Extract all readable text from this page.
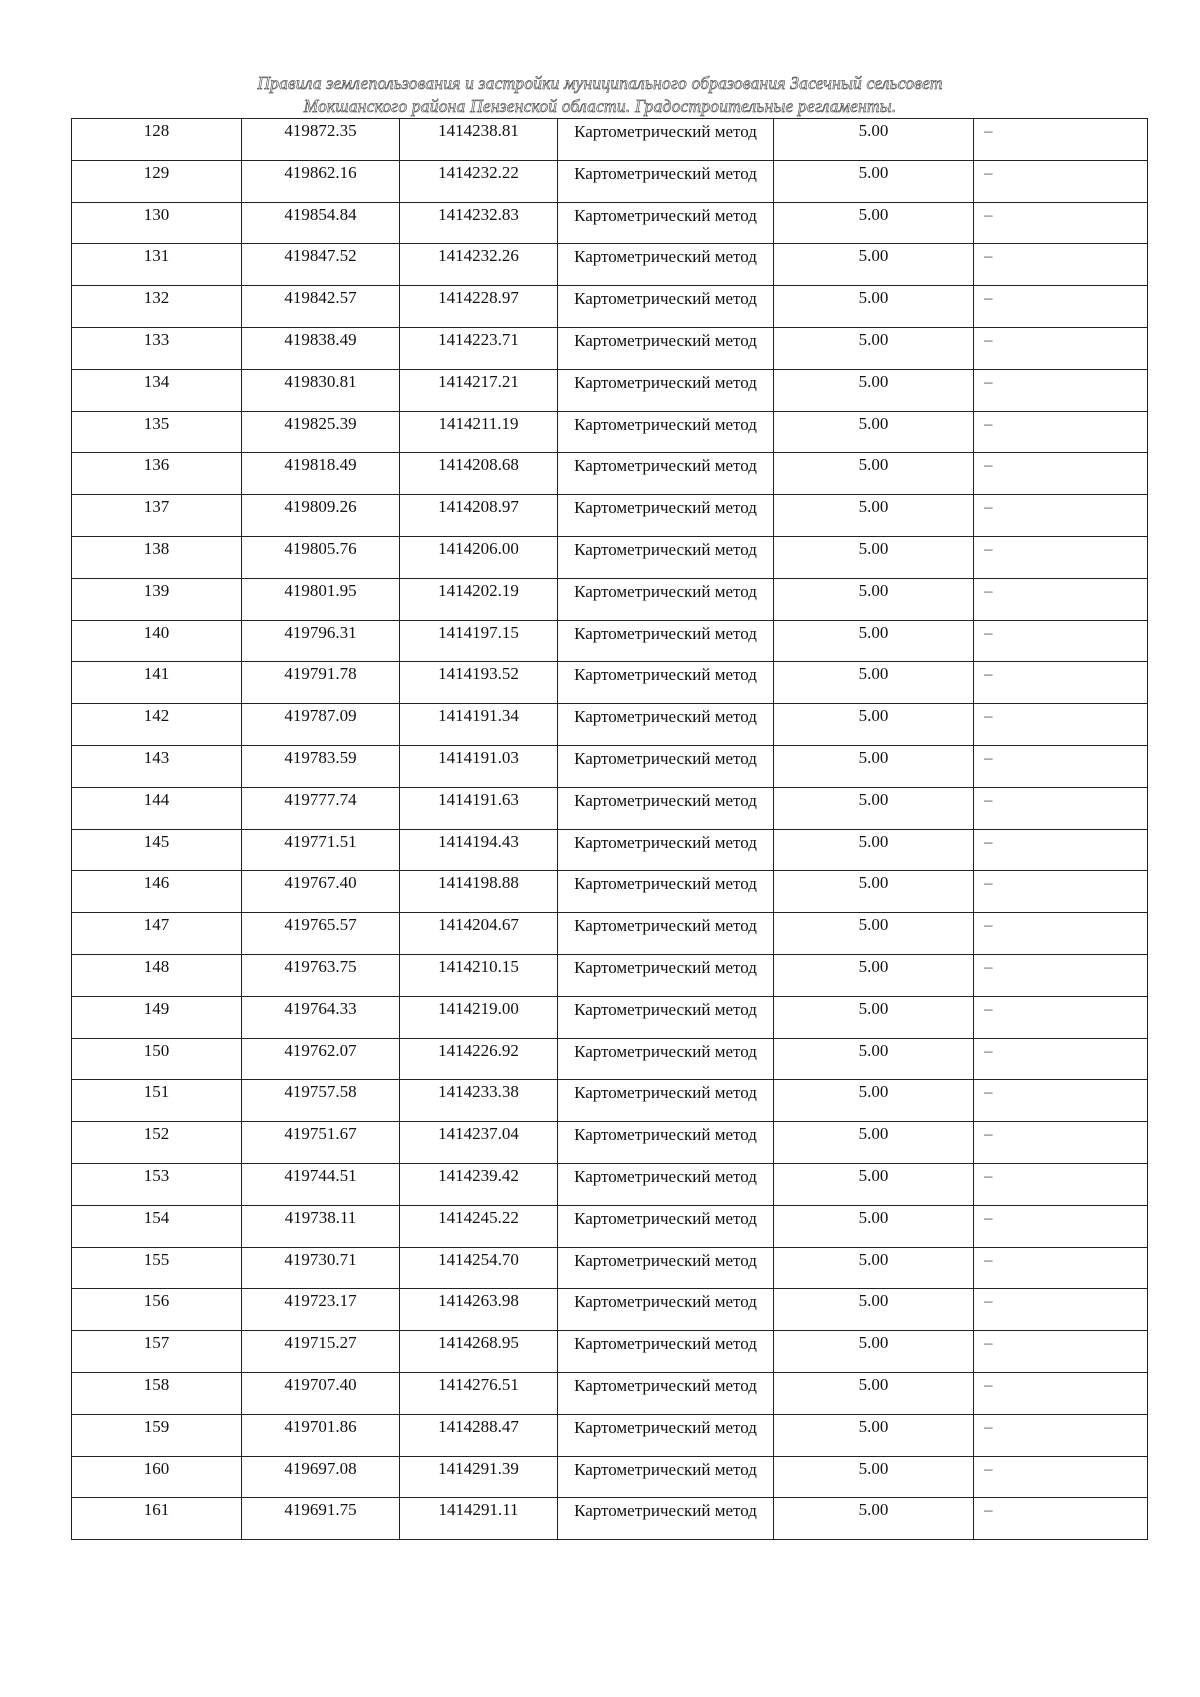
Правила землепользования и застройки муниципального образования Засечный сельсовет
Мокшанского района Пензенской области. Градостроительные регламенты.
128	419872.35	1414238.81	Картометрический метод	5.00	–

129	419862.16	1414232.22	Картометрический метод	5.00	–

130	419854.84	1414232.83	Картометрический метод	5.00	–

131	419847.52	1414232.26	Картометрический метод	5.00	–

132	419842.57	1414228.97	Картометрический метод	5.00	–

133	419838.49	1414223.71	Картометрический метод	5.00	–

134	419830.81	1414217.21	Картометрический метод	5.00	–

135	419825.39	1414211.19	Картометрический метод	5.00	–

136	419818.49	1414208.68	Картометрический метод	5.00	–

137	419809.26	1414208.97	Картометрический метод	5.00	–

138	419805.76	1414206.00	Картометрический метод	5.00	–

139	419801.95	1414202.19	Картометрический метод	5.00	–

140	419796.31	1414197.15	Картометрический метод	5.00	–

141	419791.78	1414193.52	Картометрический метод	5.00	–

142	419787.09	1414191.34	Картометрический метод	5.00	–

143	419783.59	1414191.03	Картометрический метод	5.00	–

144	419777.74	1414191.63	Картометрический метод	5.00	–

145	419771.51	1414194.43	Картометрический метод	5.00	–

146	419767.40	1414198.88	Картометрический метод	5.00	–

147	419765.57	1414204.67	Картометрический метод	5.00	–

148	419763.75	1414210.15	Картометрический метод	5.00	–

149	419764.33	1414219.00	Картометрический метод	5.00	–

150	419762.07	1414226.92	Картометрический метод	5.00	–

151	419757.58	1414233.38	Картометрический метод	5.00	–

152	419751.67	1414237.04	Картометрический метод	5.00	–

153	419744.51	1414239.42	Картометрический метод	5.00	–

154	419738.11	1414245.22	Картометрический метод	5.00	–

155	419730.71	1414254.70	Картометрический метод	5.00	–

156	419723.17	1414263.98	Картометрический метод	5.00	–

157	419715.27	1414268.95	Картометрический метод	5.00	–

158	419707.40	1414276.51	Картометрический метод	5.00	–

159	419701.86	1414288.47	Картометрический метод	5.00	–

160	419697.08	1414291.39	Картометрический метод	5.00	–

161	419691.75	1414291.11	Картометрический метод	5.00	–
